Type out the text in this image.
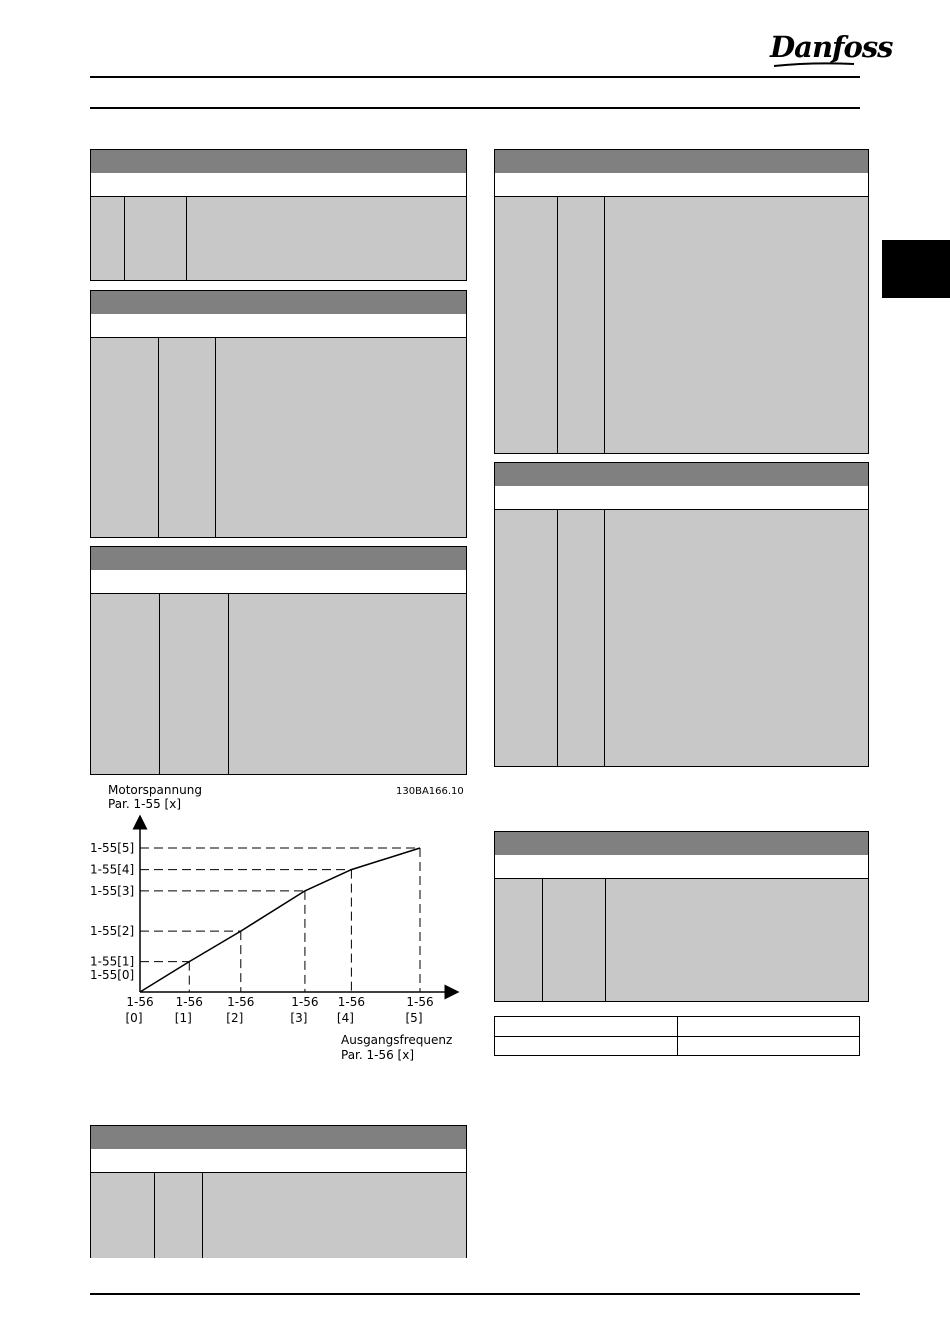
Danfoss
Motorspannung
Par. 1-55 [x]
130BA166.10
1-55[0]
1-55[1]
1-55[2]
1-55[3]
1-55[4]
1-55[5]
1-56
[0]
1-56
[1]
1-56
[2]
1-56
[3]
1-56
[4]
1-56
[5]
Ausgangsfrequenz
Par. 1-56 [x]
